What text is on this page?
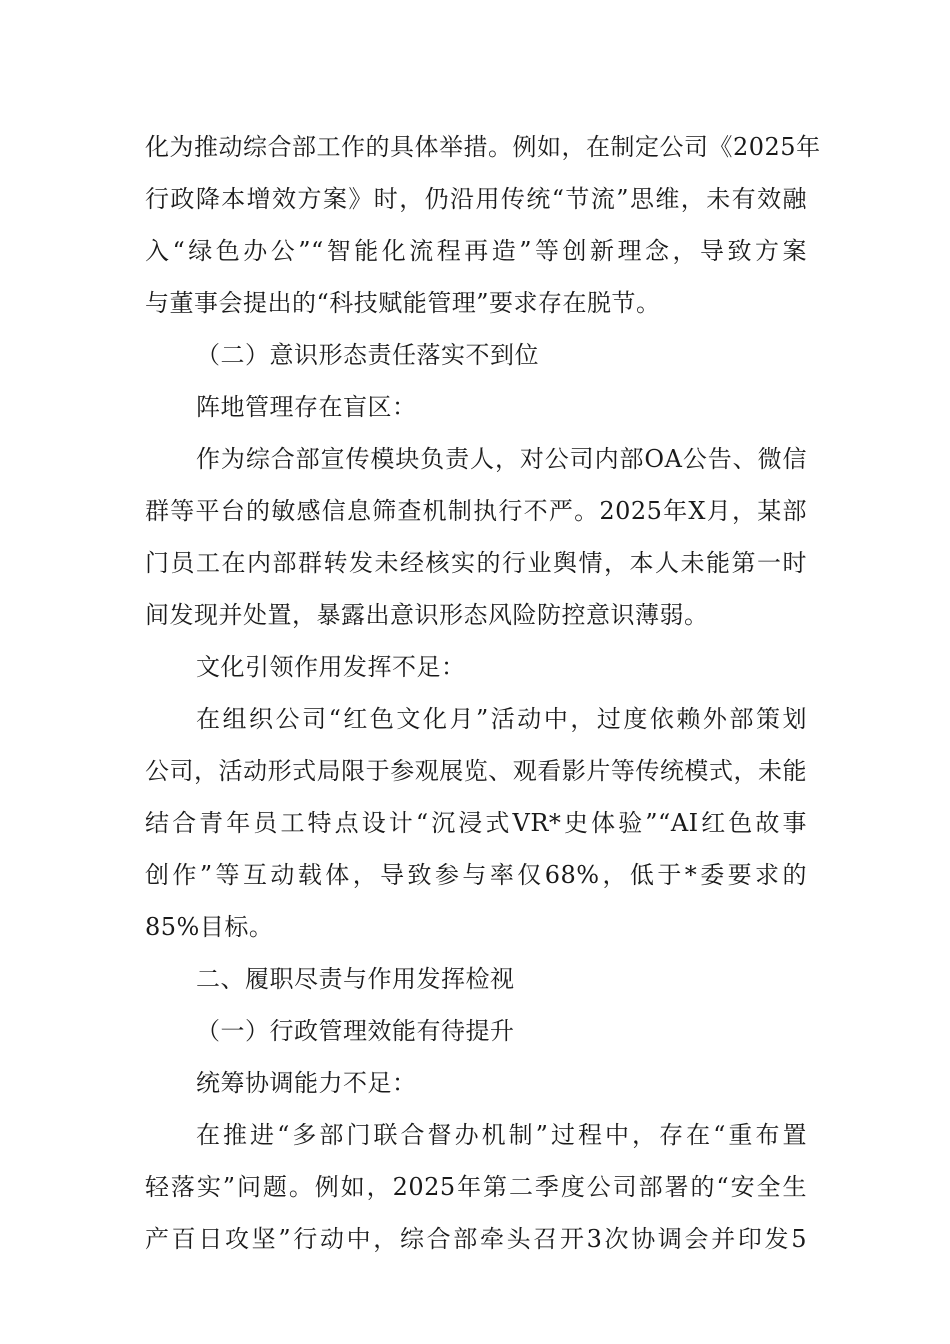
化为推动综合部工作的具体举措。例如，在制定公司《2025年
行政降本增效方案》时，仍沿用传统“节流”思维，未有效融
入“绿色办公”“智能化流程再造”等创新理念，导致方案
与董事会提出的“科技赋能管理”要求存在脱节。
（二）意识形态责任落实不到位
阵地管理存在盲区：
作为综合部宣传模块负责人，对公司内部OA公告、微信
群等平台的敏感信息筛查机制执行不严。2025年X月，某部
门员工在内部群转发未经核实的行业舆情，本人未能第一时
间发现并处置，暴露出意识形态风险防控意识薄弱。
文化引领作用发挥不足：
在组织公司“红色文化月”活动中，过度依赖外部策划
公司，活动形式局限于参观展览、观看影片等传统模式，未能
结合青年员工特点设计“沉浸式VR*史体验”“AI红色故事
创作”等互动载体，导致参与率仅68%，低于*委要求的
85%目标。
二、履职尽责与作用发挥检视
（一）行政管理效能有待提升
统筹协调能力不足：
在推进“多部门联合督办机制”过程中，存在“重布置
轻落实”问题。例如，2025年第二季度公司部署的“安全生
产百日攻坚”行动中，综合部牵头召开3次协调会并印发5
